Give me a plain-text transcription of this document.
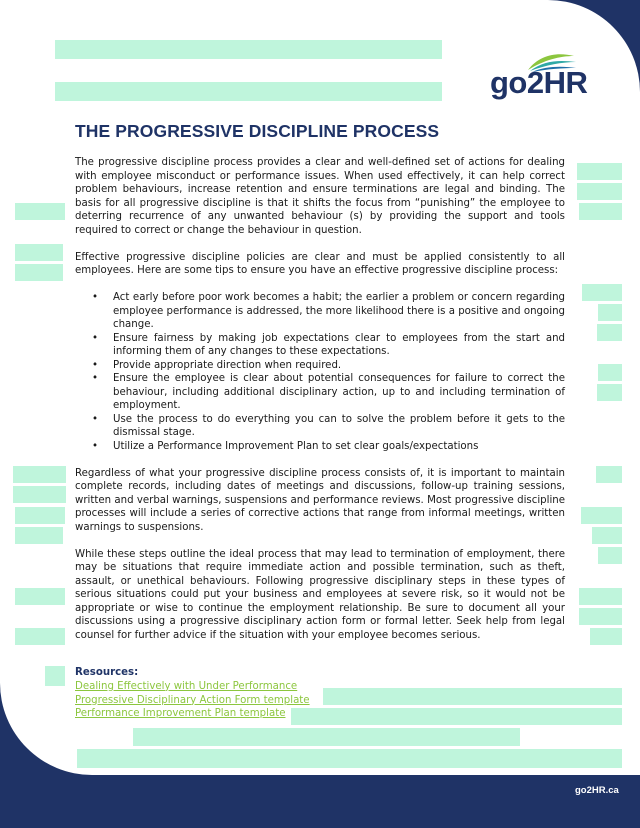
go2HR
THE PROGRESSIVE DISCIPLINE PROCESS

The progressive discipline process provides a clear and well-defined set of actions for dealing with employee misconduct or performance issues. When used effectively, it can help correct problem behaviours, increase retention and ensure terminations are legal and binding. The basis for all progressive discipline is that it shifts the focus from “punishing” the employee to deterring recurrence of any unwanted behaviour (s) by providing the support and tools required to correct or change the behaviour in question.

Effective progressive discipline policies are clear and must be applied consistently to all employees. Here are some tips to ensure you have an effective progressive discipline process:

• Act early before poor work becomes a habit; the earlier a problem or concern regarding employee performance is addressed, the more likelihood there is a positive and ongoing change.
• Ensure fairness by making job expectations clear to employees from the start and informing them of any changes to these expectations.
• Provide appropriate direction when required.
• Ensure the employee is clear about potential consequences for failure to correct the behaviour, including additional disciplinary action, up to and including termination of employment.
• Use the process to do everything you can to solve the problem before it gets to the dismissal stage.
• Utilize a Performance Improvement Plan to set clear goals/expectations

Regardless of what your progressive discipline process consists of, it is important to maintain complete records, including dates of meetings and discussions, follow-up training sessions, written and verbal warnings, suspensions and performance reviews. Most progressive discipline processes will include a series of corrective actions that range from informal meetings, written warnings to suspensions.

While these steps outline the ideal process that may lead to termination of employment, there may be situations that require immediate action and possible termination, such as theft, assault, or unethical behaviours. Following progressive disciplinary steps in these types of serious situations could put your business and employees at severe risk, so it would not be appropriate or wise to continue the employment relationship. Be sure to document all your discussions using a progressive disciplinary action form or formal letter. Seek help from legal counsel for further advice if the situation with your employee becomes serious.

Resources:
Dealing Effectively with Under Performance
Progressive Disciplinary Action Form template
Performance Improvement Plan template
go2HR.ca
